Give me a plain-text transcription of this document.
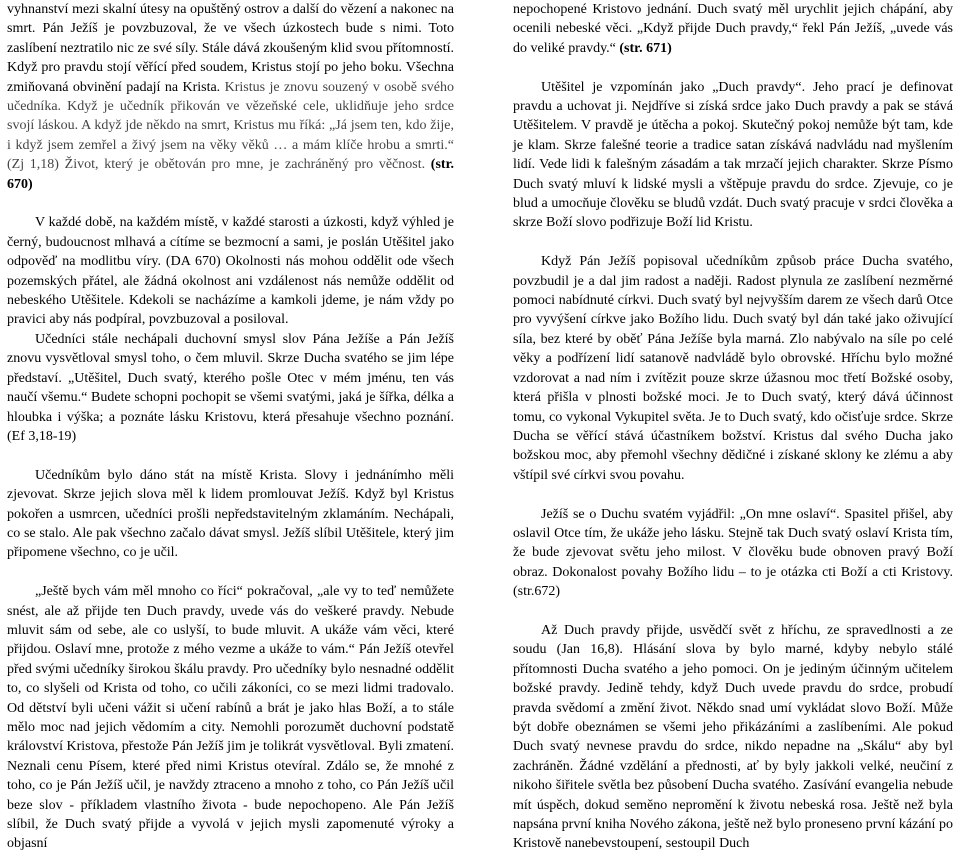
vyhnanství mezi skalní útesy na opuštěný ostrov a další do vězení a nakonec na smrt. Pán Ježíš je povzbuzoval, že ve všech úzkostech bude s nimi. Toto zaslíbení neztratilo nic ze své síly. Stále dává zkoušeným klid svou přítomností. Když pro pravdu stojí věřící před soudem, Kristus stojí po jeho boku. Všechna zmiňovaná obvinění padají na Krista. Kristus je znovu souzený v osobě svého učedníka. Když je učedník přikován ve vězeňské cele, uklidňuje jeho srdce svojí láskou. A když jde někdo na smrt, Kristus mu říká: „Já jsem ten, kdo žije, i když jsem zemřel a živý jsem na věky věků … a mám klíče hrobu a smrti.“ (Zj 1,18) Život, který je obětován pro mne, je zachráněný pro věčnost. (str. 670)

V každé době, na každém místě, v každé starosti a úzkosti, když výhled je černý, budoucnost mlhavá a cítíme se bezmocní a sami, je poslán Utěšitel jako odpověď na modlitbu víry. (DA 670) Okolnosti nás mohou oddělit ode všech pozemských přátel, ale žádná okolnost ani vzdálenost nás nemůže oddělit od nebeského Utěšitele. Kdekoli se nacházíme a kamkoli jdeme, je nám vždy po pravici aby nás podpíral, povzbuzoval a posiloval.

Učedníci stále nechápali duchovní smysl slov Pána Ježíše a Pán Ježíš znovu vysvětloval smysl toho, o čem mluvil. Skrze Ducha svatého se jim lépe představí. „Utěšitel, Duch svatý, kterého pošle Otec v mém jménu, ten vás naučí všemu.“ Budete schopni pochopit se všemi svatými, jaká je šířka, délka a hloubka i výška; a poznáte lásku Kristovu, která přesahuje všechno poznání. (Ef 3,18-19)

Učedníkům bylo dáno stát na místě Krista. Slovy i jednánímho měli zjevovat. Skrze jejich slova měl k lidem promlouvat Ježíš. Když byl Kristus pokořen a usmrcen, učedníci prošli nepředstavitelným zklamáním. Nechápali, co se stalo. Ale pak všechno začalo dávat smysl. Ježíš slíbil Utěšitele, který jim připomene všechno, co je učil.

„Ještě bych vám měl mnoho co říci“ pokračoval, „ale vy to teď nemůžete snést, ale až přijde ten Duch pravdy, uvede vás do veškeré pravdy. Nebude mluvit sám od sebe, ale co uslyší, to bude mluvit. A ukáže vám věci, které přijdou. Oslaví mne, protože z mého vezme a ukáže to vám.“ Pán Ježíš otevřel před svými učedníky širokou škálu pravdy. Pro učedníky bylo nesnadné oddělit to, co slyšeli od Krista od toho, co učili zákoníci, co se mezi lidmi tradovalo. Od dětství byli učeni vážit si učení rabínů a brát je jako hlas Boží, a to stále mělo moc nad jejich vědomím a city. Nemohli porozumět duchovní podstatě království Kristova, přestože Pán Ježíš jim je tolikrát vysvětloval. Byli zmatení. Neznali cenu Písem, které před nimi Kristus otevíral. Zdálo se, že mnohé z toho, co je Pán Ježíš učil, je navždy ztraceno a mnoho z toho, co Pán Ježíš učil beze slov - příkladem vlastního života - bude nepochopeno. Ale Pán Ježíš slíbil, že Duch svatý přijde a vyvolá v jejich mysli zapomenuté výroky a objasní

nepochopené Kristovo jednání. Duch svatý měl urychlit jejich chápání, aby ocenili nebeské věci. „Když přijde Duch pravdy,“ řekl Pán Ježíš, „uvede vás do veliké pravdy.“ (str. 671)

Utěšitel je vzpomínán jako „Duch pravdy“. Jeho prací je definovat pravdu a uchovat ji. Nejdříve si získá srdce jako Duch pravdy a pak se stává Utěšitelem. V pravdě je útěcha a pokoj. Skutečný pokoj nemůže být tam, kde je klam. Skrze falešné teorie a tradice satan získává nadvládu nad myšlením lidí. Vede lidi k falešným zásadám a tak mrzačí jejich charakter. Skrze Písmo Duch svatý mluví k lidské mysli a vštěpuje pravdu do srdce. Zjevuje, co je blud a umocňuje člověku se bludů vzdát. Duch svatý pracuje v srdci člověka a skrze Boží slovo podřizuje Boží lid Kristu.

Když Pán Ježíš popisoval učedníkům způsob práce Ducha svatého, povzbudil je a dal jim radost a naději. Radost plynula ze zaslíbení nezměrné pomoci nabídnuté církvi. Duch svatý byl nejvyšším darem ze všech darů Otce pro vyvýšení církve jako Božího lidu. Duch svatý byl dán také jako oživující síla, bez které by oběť Pána Ježíše byla marná. Zlo nabývalo na síle po celé věky a podřízení lidí satanově nadvládě bylo obrovské. Hříchu bylo možné vzdorovat a nad ním i zvítězit pouze skrze úžasnou moc třetí Božské osoby, která přišla v plnosti božské moci. Je to Duch svatý, který dává účinnost tomu, co vykonal Vykupitel světa. Je to Duch svatý, kdo očisťuje srdce. Skrze Ducha se věřící stává účastníkem božství. Kristus dal svého Ducha jako božskou moc, aby přemohl všechny dědičné i získané sklony ke zlému a aby vštípil své církvi svou povahu.

Ježíš se o Duchu svatém vyjádřil: „On mne oslaví“. Spasitel přišel, aby oslavil Otce tím, že ukáže jeho lásku. Stejně tak Duch svatý oslaví Krista tím, že bude zjevovat světu jeho milost. V člověku bude obnoven pravý Boží obraz. Dokonalost povahy Božího lidu – to je otázka cti Boží a cti Kristovy. (str.672)

Až Duch pravdy přijde, usvědčí svět z hříchu, ze spravedlnosti a ze soudu (Jan 16,8). Hlásání slova by bylo marné, kdyby nebylo stálé přítomnosti Ducha svatého a jeho pomoci. On je jediným účinným učitelem božské pravdy. Jedině tehdy, když Duch uvede pravdu do srdce, probudí pravda svědomí a změní život. Někdo snad umí vykládat slovo Boží. Může být dobře obeznámen se všemi jeho přikázáními a zaslíbeními. Ale pokud Duch svatý nevnese pravdu do srdce, nikdo nepadne na „Skálu“ aby byl zachráněn. Žádné vzdělání a přednosti, ať by byly jakkoli velké, neučiní z nikoho šiřitele světla bez působení Ducha svatého. Zasívání evangelia nebude mít úspěch, dokud seměno nepromění k životu nebeská rosa. Ještě než byla napsána první kniha Nového zákona, ještě než bylo proneseno první kázání po Kristově nanebevstoupení, sestoupil Duch
